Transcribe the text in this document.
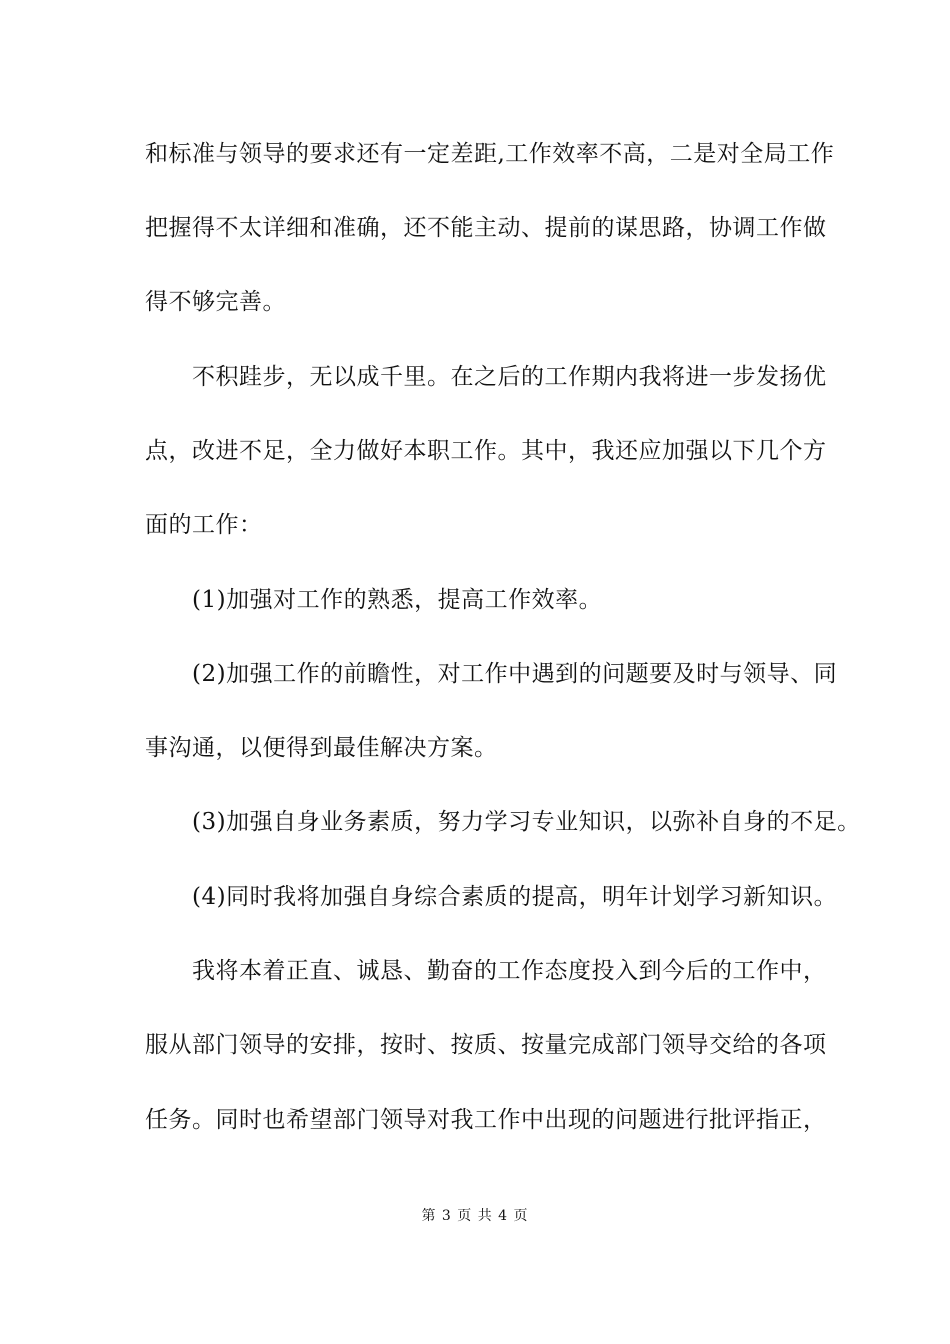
和标准与领导的要求还有一定差距,工作效率不高，二是对全局工作
把握得不太详细和准确，还不能主动、提前的谋思路，协调工作做
得不够完善。
不积跬步，无以成千里。在之后的工作期内我将进一步发扬优
点，改进不足，全力做好本职工作。其中，我还应加强以下几个方
面的工作：
(1)加强对工作的熟悉，提高工作效率。
(2)加强工作的前瞻性，对工作中遇到的问题要及时与领导、同
事沟通，以便得到最佳解决方案。
(3)加强自身业务素质，努力学习专业知识，以弥补自身的不足。
(4)同时我将加强自身综合素质的提高，明年计划学习新知识。
我将本着正直、诚恳、勤奋的工作态度投入到今后的工作中，
服从部门领导的安排，按时、按质、按量完成部门领导交给的各项
任务。同时也希望部门领导对我工作中出现的问题进行批评指正，
第 3 页 共 4 页
